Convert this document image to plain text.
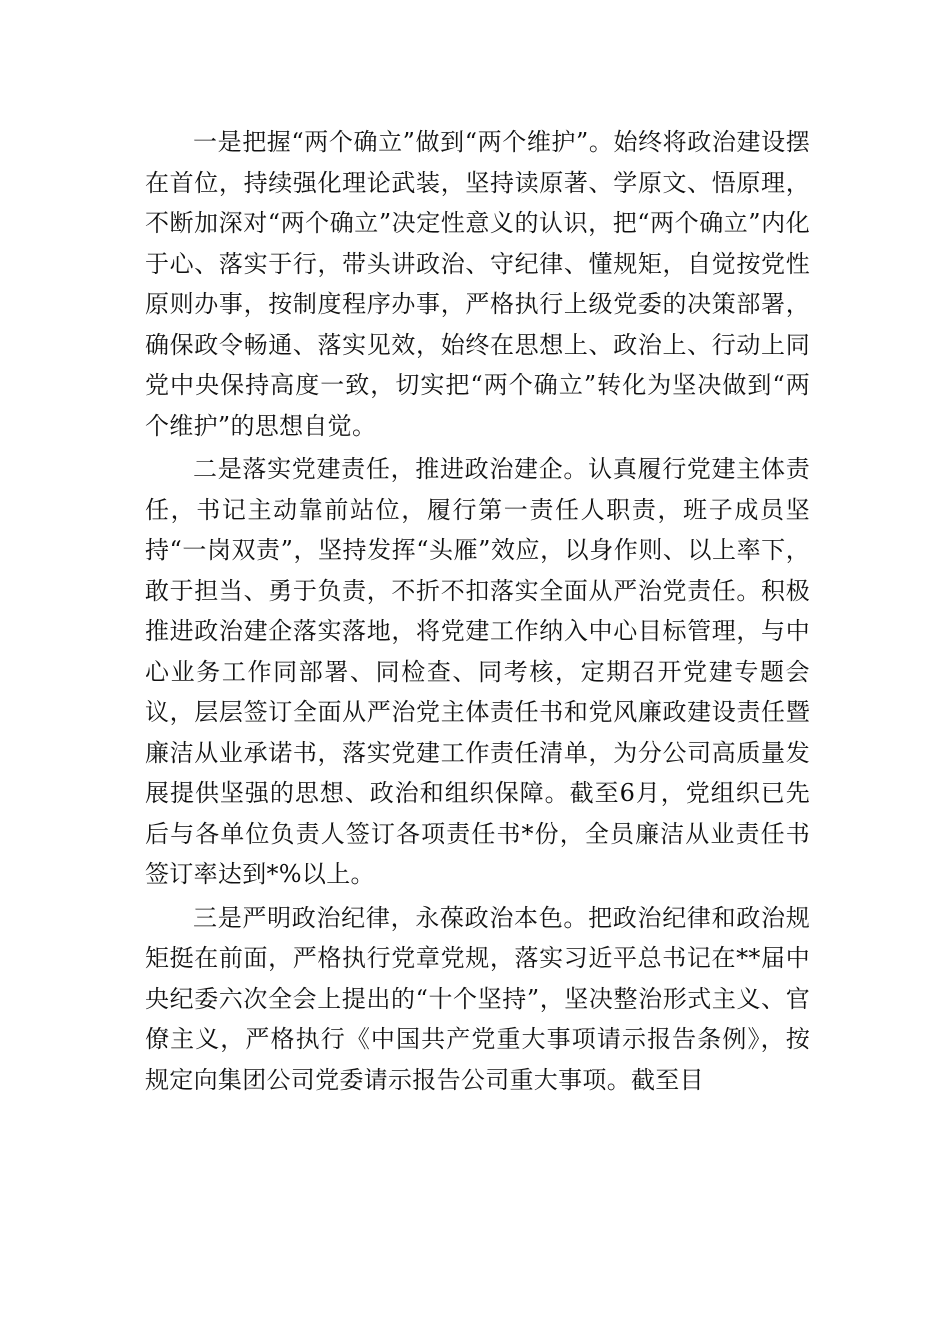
一是把握“两个确立”做到“两个维护”。始终将政治建设摆在首位，持续强化理论武装，坚持读原著、学原文、悟原理，不断加深对“两个确立”决定性意义的认识，把“两个确立”内化于心、落实于行，带头讲政治、守纪律、懂规矩，自觉按党性原则办事，按制度程序办事，严格执行上级党委的决策部署，确保政令畅通、落实见效，始终在思想上、政治上、行动上同党中央保持高度一致，切实把“两个确立”转化为坚决做到“两个维护”的思想自觉。

二是落实党建责任，推进政治建企。认真履行党建主体责任，书记主动靠前站位，履行第一责任人职责，班子成员坚持“一岗双责”，坚持发挥“头雁”效应，以身作则、以上率下，敢于担当、勇于负责，不折不扣落实全面从严治党责任。积极推进政治建企落实落地，将党建工作纳入中心目标管理，与中心业务工作同部署、同检查、同考核，定期召开党建专题会议，层层签订全面从严治党主体责任书和党风廉政建设责任暨廉洁从业承诺书，落实党建工作责任清单，为分公司高质量发展提供坚强的思想、政治和组织保障。截至6月，党组织已先后与各单位负责人签订各项责任书*份，全员廉洁从业责任书签订率达到*%以上。

三是严明政治纪律，永葆政治本色。把政治纪律和政治规矩挺在前面，严格执行党章党规，落实习近平总书记在**届中央纪委六次全会上提出的“十个坚持”，坚决整治形式主义、官僚主义，严格执行《中国共产党重大事项请示报告条例》，按规定向集团公司党委请示报告公司重大事项。截至目
